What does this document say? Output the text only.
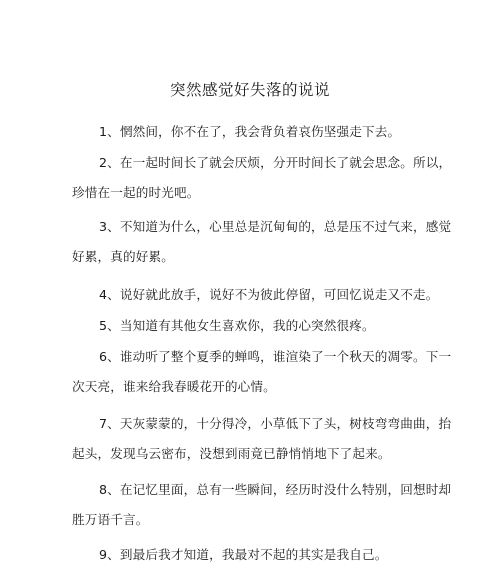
突然感觉好失落的说说
1、惘然间，你不在了，我会背负着哀伤坚强走下去。
2、在一起时间长了就会厌烦，分开时间长了就会思念。所以，
珍惜在一起的时光吧。
3、不知道为什么，心里总是沉甸甸的，总是压不过气来，感觉
好累，真的好累。
4、说好就此放手，说好不为彼此停留，可回忆说走又不走。
5、当知道有其他女生喜欢你，我的心突然很疼。
6、谁动听了整个夏季的蝉鸣，谁渲染了一个秋天的凋零。下一
次天亮，谁来给我春暖花开的心情。
7、天灰蒙蒙的，十分得冷，小草低下了头，树枝弯弯曲曲，抬
起头，发现乌云密布，没想到雨竟已静悄悄地下了起来。
8、在记忆里面，总有一些瞬间，经历时没什么特别，回想时却
胜万语千言。
9、到最后我才知道，我最对不起的其实是我自己。
